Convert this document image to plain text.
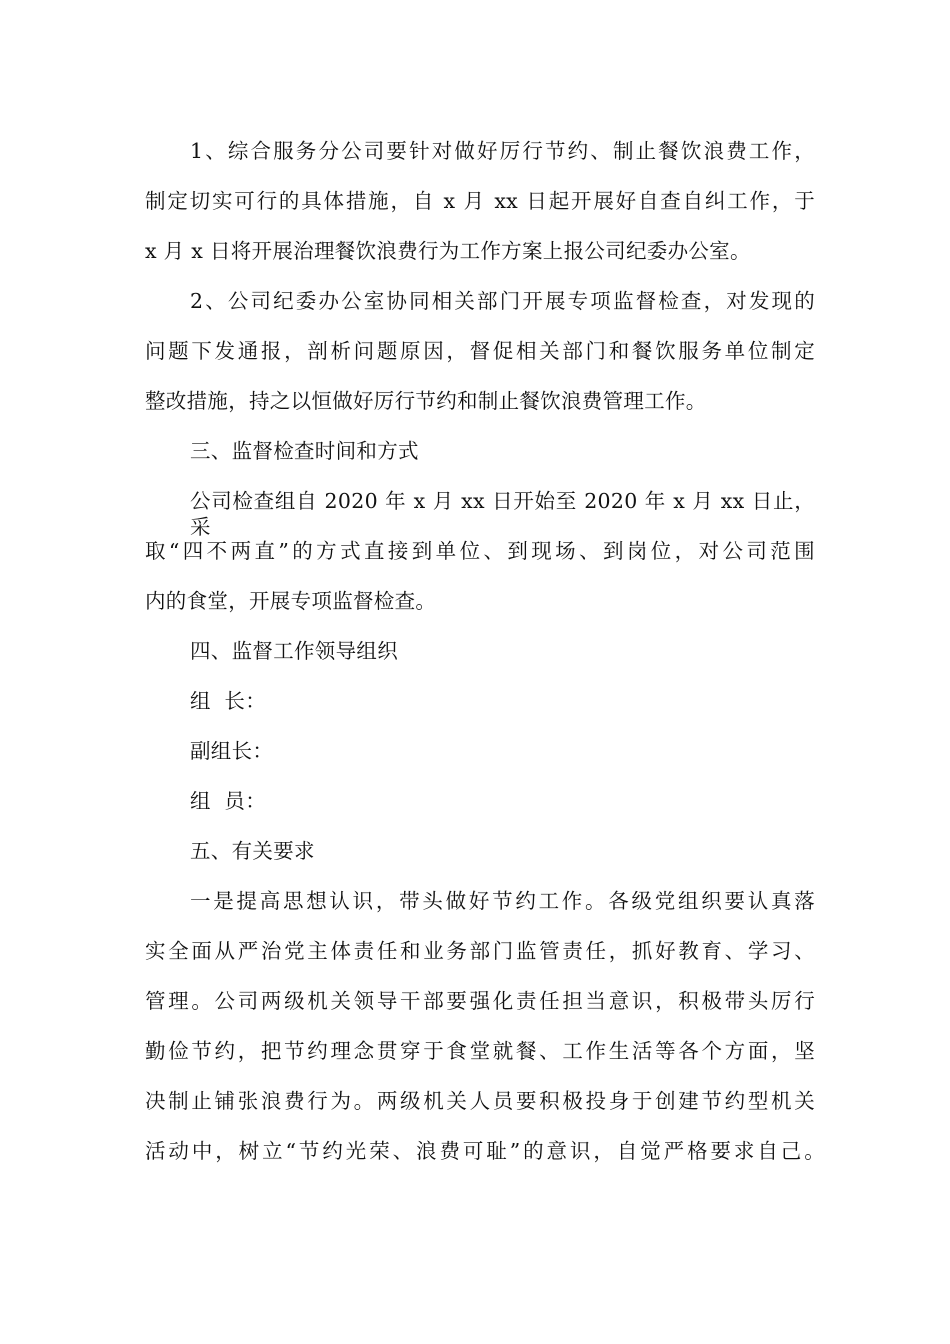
1、综合服务分公司要针对做好厉行节约、制止餐饮浪费工作，
制定切实可行的具体措施，自 x 月 xx 日起开展好自查自纠工作，于
x 月 x 日将开展治理餐饮浪费行为工作方案上报公司纪委办公室。
2、公司纪委办公室协同相关部门开展专项监督检查，对发现的
问题下发通报，剖析问题原因，督促相关部门和餐饮服务单位制定
整改措施，持之以恒做好厉行节约和制止餐饮浪费管理工作。
三、监督检查时间和方式
公司检查组自 2020 年 x 月 xx 日开始至 2020 年 x 月 xx 日止，采
取“四不两直”的方式直接到单位、到现场、到岗位，对公司范围
内的食堂，开展专项监督检查。
四、监督工作领导组织
组  长：
副组长：
组  员：
五、有关要求
一是提高思想认识，带头做好节约工作。各级党组织要认真落
实全面从严治党主体责任和业务部门监管责任，抓好教育、学习、
管理。公司两级机关领导干部要强化责任担当意识，积极带头厉行
勤俭节约，把节约理念贯穿于食堂就餐、工作生活等各个方面，坚
决制止铺张浪费行为。两级机关人员要积极投身于创建节约型机关
活动中，树立“节约光荣、浪费可耻”的意识，自觉严格要求自己。
